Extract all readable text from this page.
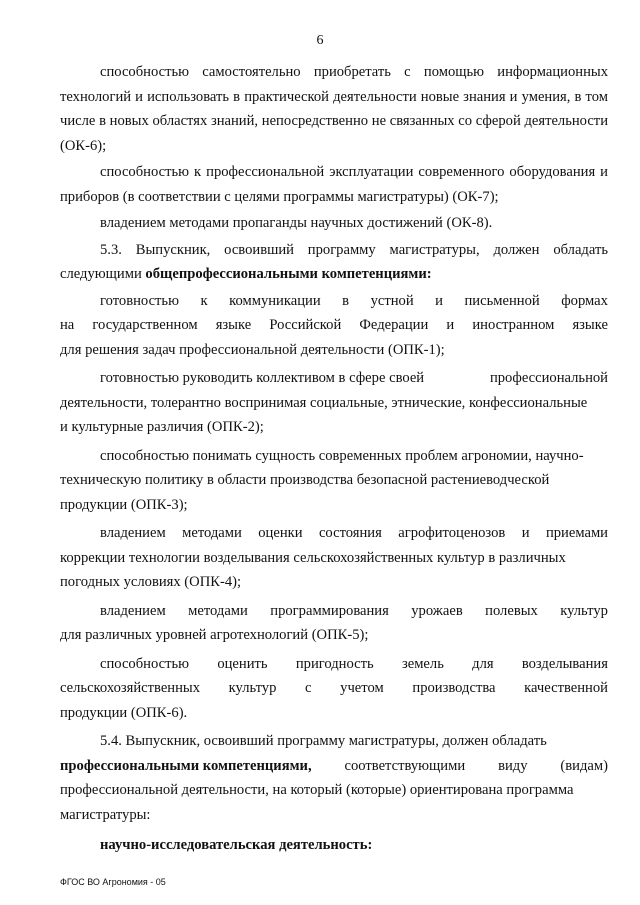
6

способностью самостоятельно приобретать с помощью информационных технологий и использовать в практической деятельности новые знания и умения, в том числе в новых областях знаний, непосредственно не связанных со сферой деятельности (ОК-6);

способностью к профессиональной эксплуатации современного оборудования и приборов (в соответствии с целями программы магистратуры) (ОК-7);

владением методами пропаганды научных достижений (ОК-8).

5.3. Выпускник, освоивший программу магистратуры, должен обладать следующими общепрофессиональными компетенциями:

готовностью к коммуникации в устной и письменной формах
на государственном языке Российской Федерации и иностранном языке
для решения задач профессиональной деятельности (ОПК-1);
готовностью руководить коллективом в сфере своей	профессиональной
деятельности, толерантно воспринимая социальные, этнические, конфессиональные
и культурные различия (ОПК-2);
способностью понимать сущность современных проблем агрономии, научно-
техническую политику в области производства безопасной растениеводческой
продукции (ОПК-3);
владением методами оценки состояния агрофитоценозов и приемами
коррекции технологии возделывания сельскохозяйственных культур в различных
погодных условиях (ОПК-4);
владением методами программирования урожаев полевых культур
для различных уровней агротехнологий (ОПК-5);
способностью оценить пригодность земель для возделывания
сельскохозяйственных культур с учетом производства качественной
продукции (ОПК-6).
5.4. Выпускник, освоивший программу магистратуры, должен обладать
профессиональными компетенциями, соответствующими виду (видам)
профессиональной деятельности, на который (которые) ориентирована программа
магистратуры:
научно-исследовательская деятельность:
ФГОС ВО Агрономия - 05
